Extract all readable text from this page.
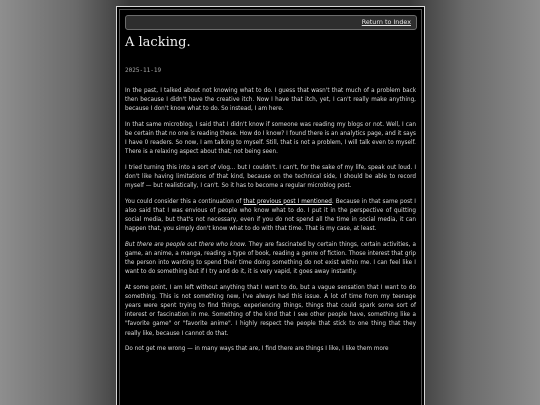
Return to Index
A lacking.
2025-11-19

In the past, I talked about not knowing what to do. I guess that wasn't that much of a problem back then because I didn't have the creative itch. Now I have that itch, yet, I can't really make anything, because I don't know what to do. So instead, I am here.

In that same microblog, I said that I didn't know if someone was reading my blogs or not. Well, I can be certain that no one is reading these. How do I know? I found there is an analytics page, and it says I have 0 readers. So now, I am talking to myself. Still, that is not a problem, I will talk even to myself. There is a relaxing aspect about that; not being seen.

I tried turning this into a sort of vlog... but I couldn't. I can't, for the sake of my life, speak out loud. I don't like having limitations of that kind, because on the technical side, I should be able to record myself — but realistically, I can't. So it has to become a regular microblog post.

You could consider this a continuation of that previous post I mentioned. Because in that same post I also said that I was envious of people who know what to do. I put it in the perspective of quitting social media, but that's not necessary, even if you do not spend all the time in social media, it can happen that, you simply don't know what to do with that time. That is my case, at least.

But there are people out there who know. They are fascinated by certain things, certain activities, a game, an anime, a manga, reading a type of book, reading a genre of fiction. Those interest that grip the person into wanting to spend their time doing something do not exist within me. I can feel like I want to do something but if I try and do it, it is very vapid, it goes away instantly.

At some point, I am left without anything that I want to do, but a vague sensation that I want to do something. This is not something new, I've always had this issue. A lot of time from my teenage years were spent trying to find things, experiencing things, things that could spark some sort of interest or fascination in me. Something of the kind that I see other people have, something like a "favorite game" or "favorite anime". I highly respect the people that stick to one thing that they really like, because I cannot do that.

Do not get me wrong — in many ways that are, I find there are things I like, I like them more
